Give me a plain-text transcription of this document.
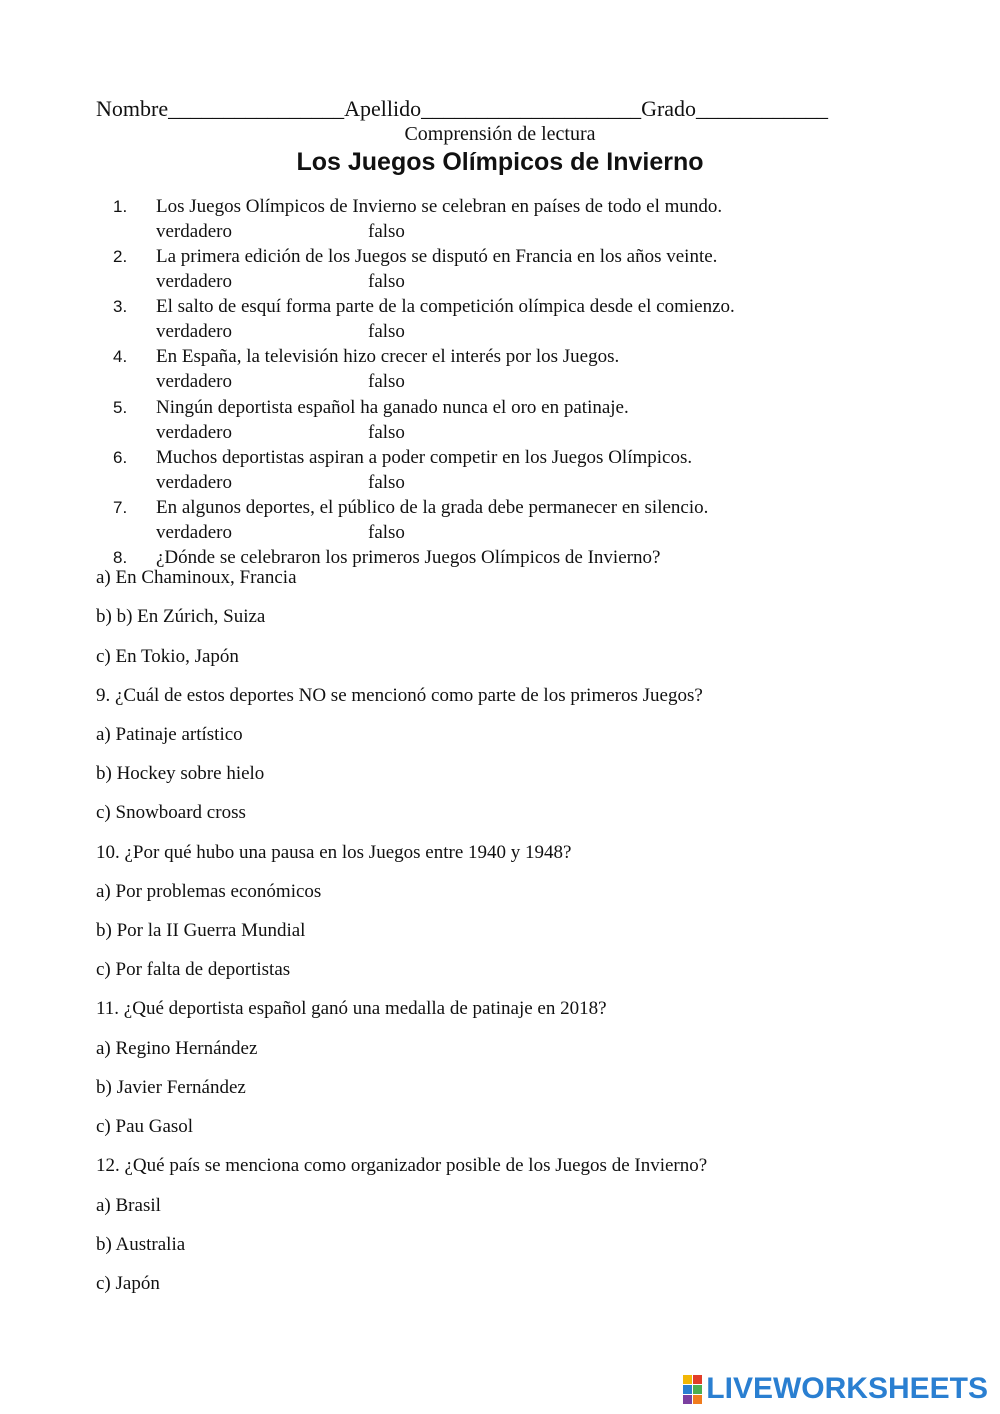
Nombre________________Apellido____________________Grado____________
Comprensión de lectura
Los Juegos Olímpicos de Invierno
1. Los Juegos Olímpicos de Invierno se celebran en países de todo el mundo.
verdadero	falso
2. La primera edición de los Juegos se disputó en Francia en los años veinte.
verdadero	falso
3. El salto de esquí forma parte de la competición olímpica desde el comienzo.
verdadero	falso
4. En España, la televisión hizo crecer el interés por los Juegos.
verdadero	falso
5. Ningún deportista español ha ganado nunca el oro en patinaje.
verdadero	falso
6. Muchos deportistas aspiran a poder competir en los Juegos Olímpicos.
verdadero	falso
7. En algunos deportes, el público de la grada debe permanecer en silencio.
verdadero	falso
8. ¿Dónde se celebraron los primeros Juegos Olímpicos de Invierno?
a) En Chaminoux, Francia
b) b) En Zúrich, Suiza
c) En Tokio, Japón
9. ¿Cuál de estos deportes NO se mencionó como parte de los primeros Juegos?
a) Patinaje artístico
b) Hockey sobre hielo
c) Snowboard cross
10. ¿Por qué hubo una pausa en los Juegos entre 1940 y 1948?
a) Por problemas económicos
b) Por la II Guerra Mundial
c) Por falta de deportistas
11. ¿Qué deportista español ganó una medalla de patinaje en 2018?
a) Regino Hernández
b) Javier Fernández
c) Pau Gasol
12. ¿Qué país se menciona como organizador posible de los Juegos de Invierno?
a) Brasil
b) Australia
c) Japón
LIVEWORKSHEETS
